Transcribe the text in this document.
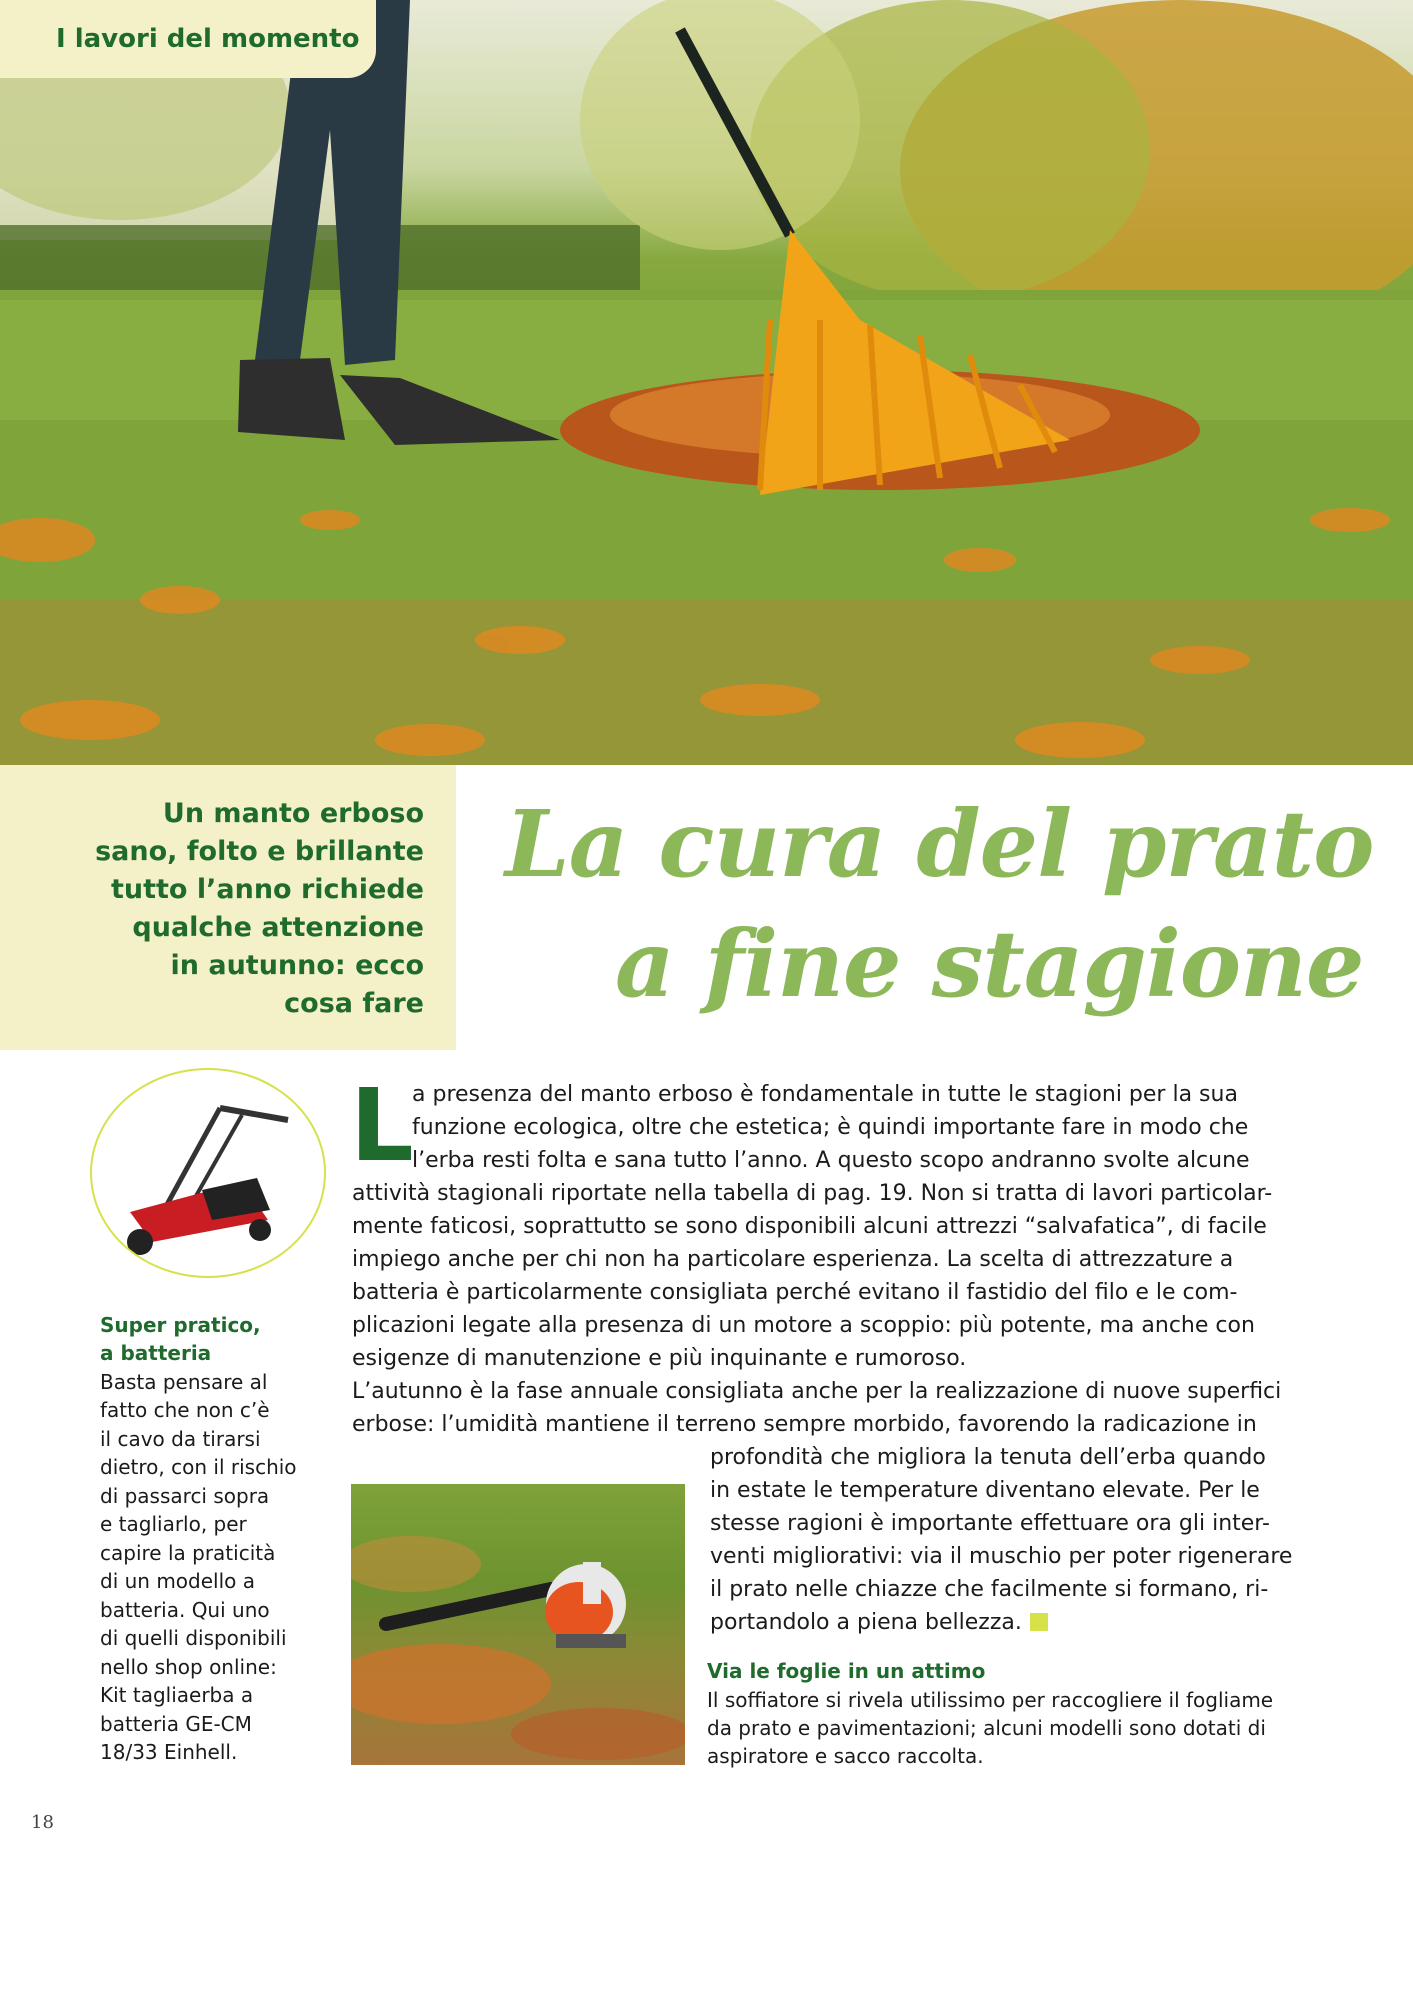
I lavori del momento
Un manto erboso
sano, folto e brillante
tutto l’anno richiede
qualche attenzione
in autunno: ecco
cosa fare
La cura del prato
a fine stagione
Super pratico,
a batteria
Basta pensare al
fatto che non c’è
il cavo da tirarsi
dietro, con il rischio
di passarci sopra
e tagliarlo, per
capire la praticità
di un modello a
batteria. Qui uno
di quelli disponibili
nello shop online:
Kit tagliaerba a
batteria GE-CM
18/33 Einhell.
L
a presenza del manto erboso è fondamentale in tutte le stagioni per la sua
funzione ecologica, oltre che estetica; è quindi importante fare in modo che
l’erba resti folta e sana tutto l’anno. A questo scopo andranno svolte alcune
attività stagionali riportate nella tabella di pag. 19. Non si tratta di lavori particolar-
mente faticosi, soprattutto se sono disponibili alcuni attrezzi “salvafatica”, di facile
impiego anche per chi non ha particolare esperienza. La scelta di attrezzature a
batteria è particolarmente consigliata perché evitano il fastidio del filo e le com-
plicazioni legate alla presenza di un motore a scoppio: più potente, ma anche con
esigenze di manutenzione e più inquinante e rumoroso.
L’autunno è la fase annuale consigliata anche per la realizzazione di nuove superfici
erbose: l’umidità mantiene il terreno sempre morbido, favorendo la radicazione in
profondità che migliora la tenuta dell’erba quando
in estate le temperature diventano elevate. Per le
stesse ragioni è importante effettuare ora gli inter-
venti migliorativi: via il muschio per poter rigenerare
il prato nelle chiazze che facilmente si formano, ri-
portandolo a piena bellezza.
Via le foglie in un attimo
Il soffiatore si rivela utilissimo per raccogliere il fogliame
da prato e pavimentazioni; alcuni modelli sono dotati di
aspiratore e sacco raccolta.
18
